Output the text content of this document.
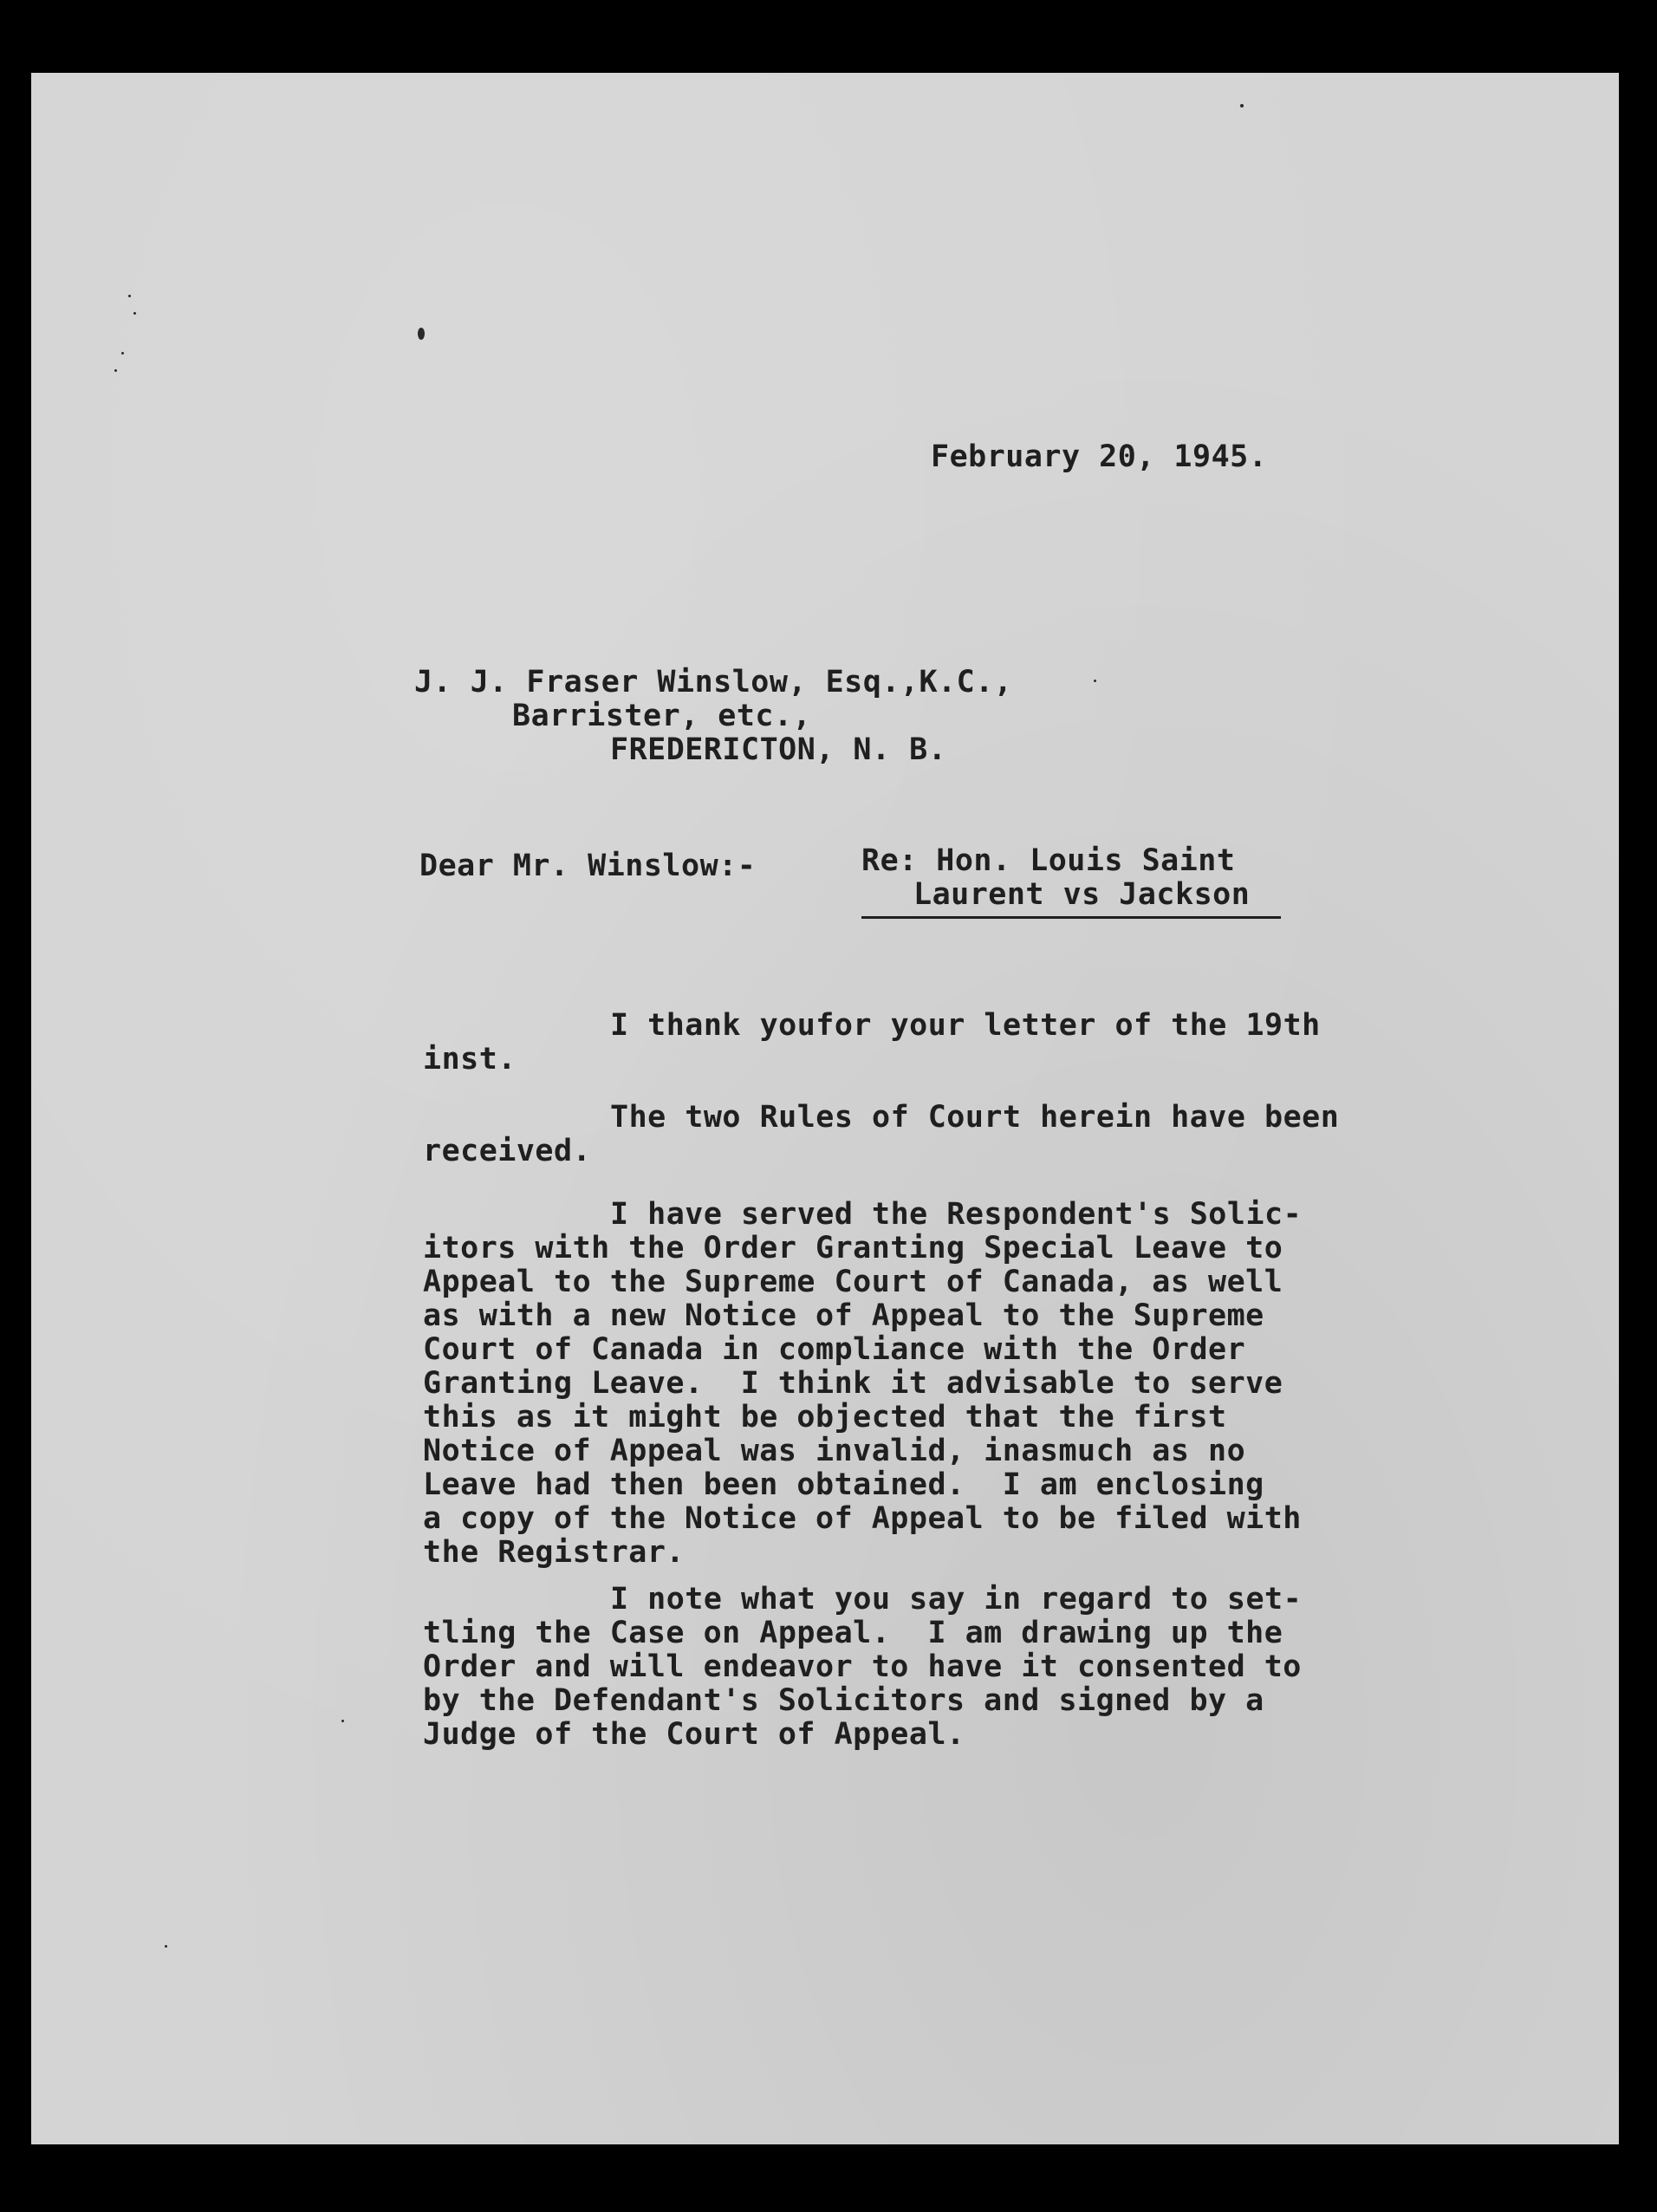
February 20, 1945.

J. J. Fraser Winslow, Esq.,K.C.,

Barrister, etc.,

FREDERICTON, N. B.

Dear Mr. Winslow:-	Re: Hon. Louis Saint

Laurent vs Jackson

I thank youfor your letter of the 19th

inst.

The two Rules of Court herein have been

received.

I have served the Respondent's Solic-

itors with the Order Granting Special Leave to

Appeal to the Supreme Court of Canada, as well

as with a new Notice of Appeal to the Supreme

Court of Canada in compliance with the Order

Granting Leave.  I think it advisable to serve

this as it might be objected that the first

Notice of Appeal was invalid, inasmuch as no

Leave had then been obtained.  I am enclosing

a copy of the Notice of Appeal to be filed with

the Registrar.

I note what you say in regard to set-

tling the Case on Appeal.  I am drawing up the

Order and will endeavor to have it consented to

by the Defendant's Solicitors and signed by a

Judge of the Court of Appeal.
